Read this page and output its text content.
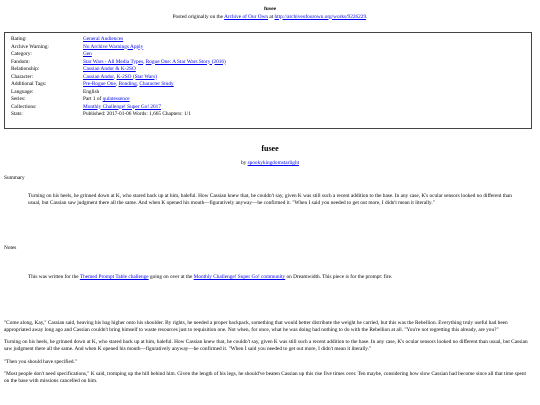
fusee
Posted originally on the Archive of Our Own at http://archiveofourown.org/works/9226229.
Rating:	General Audiences
Archive Warning:	No Archive Warnings Apply
Category:	Gen
Fandom:	Star Wars - All Media Types, Rogue One: A Star Wars Story (2016)
Relationship:	Cassian Andor & K-2SO
Character:	Cassian Andor, K-2SO (Star Wars)
Additional Tags:	Pre-Rogue One, Bonding, Character Study
Language:	English
Series:	Part 1 of quintessence
Collections:	Monthly Challenge! Super Go! 2017
Stats:	Published: 2017-01-06 Words: 1,665 Chapters: 1/1
fusee
by spookykingdomstarlight
Summary
Turning on his heels, he grinned down at K, who stared back up at him, baleful. How Cassian knew that, he couldn't say, given K was still such a recent addition to the base. In any case, K's ocular sensors looked no different than usual, but Cassian saw judgment there all the same. And when K opened his mouth—figuratively anyway—he confirmed it. "When I said you needed to get out more, I didn't mean it literally."
Notes
This was written for the Themed Prompt Table challenge going on over at the Monthly Challenge! Super Go! community on Dreamwidth. This piece is for the prompt: fire.

"Come along, Kay," Cassian said, heaving his bag higher onto his shoulder. By rights, he needed a proper backpack, something that would better distribute the weight he carried, but this was the Rebellion. Everything truly useful had been appropriated away long ago and Cassian couldn't bring himself to waste resources just to requisition one. Not when, for once, what he was doing had nothing to do with the Rebellion at all. "You're not regretting this already, are you?"

Turning on his heels, he grinned down at K, who stared back up at him, baleful. How Cassian knew that, he couldn't say, given K was still such a recent addition to the base. In any case, K's ocular sensors looked no different than usual, but Cassian saw judgment there all the same. And when K opened his mouth—figuratively anyway—he confirmed it. "When I said you needed to get out more, I didn't mean it literally."

"Then you should have specified."

"Most people don't need specifications," K said, tromping up the hill behind him. Given the length of his legs, he should've beaten Cassian up this rise five times over. Ten maybe, considering how slow Cassian had become since all that time spent on the base with missions cancelled on him.
